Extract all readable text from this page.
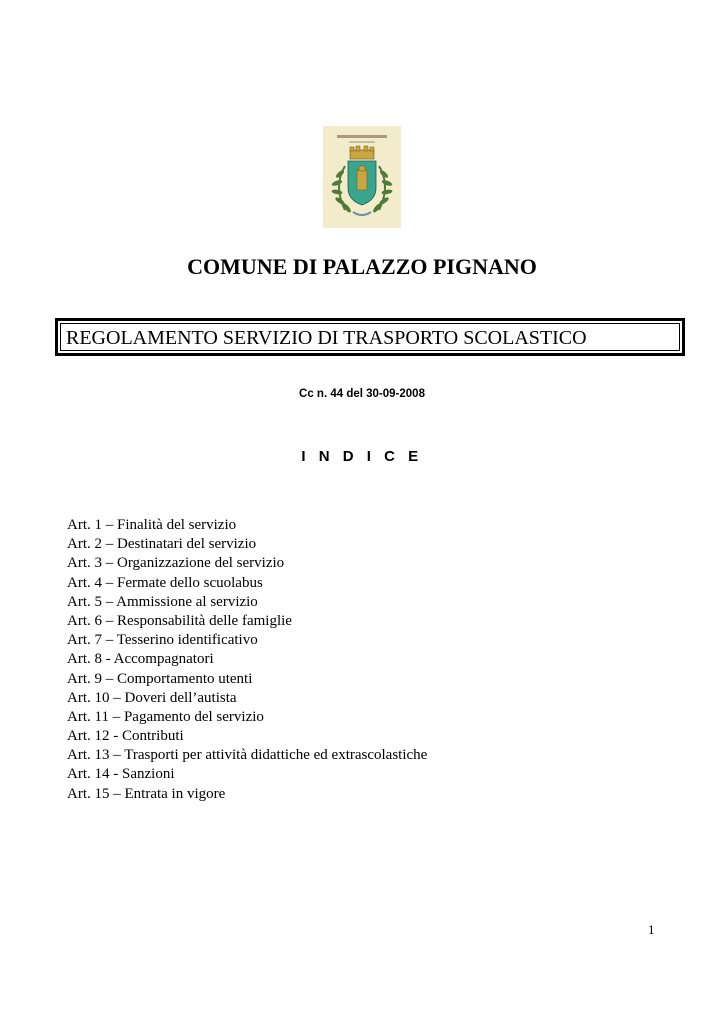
COMUNE DI PALAZZO PIGNANO
REGOLAMENTO SERVIZIO DI TRASPORTO SCOLASTICO
Cc n. 44 del 30-09-2008
I N D I C E
Art. 1 – Finalità del servizio
Art. 2 – Destinatari del servizio
Art. 3 – Organizzazione del servizio
Art. 4 – Fermate dello scuolabus
Art. 5 – Ammissione al servizio
Art. 6 – Responsabilità delle famiglie
Art. 7 – Tesserino identificativo
Art. 8 - Accompagnatori
Art. 9 – Comportamento utenti
Art. 10 – Doveri dell’autista
Art. 11 – Pagamento del servizio
Art. 12 - Contributi
Art. 13 – Trasporti per attività didattiche ed extrascolastiche
Art. 14 - Sanzioni
Art. 15 – Entrata in vigore
1
